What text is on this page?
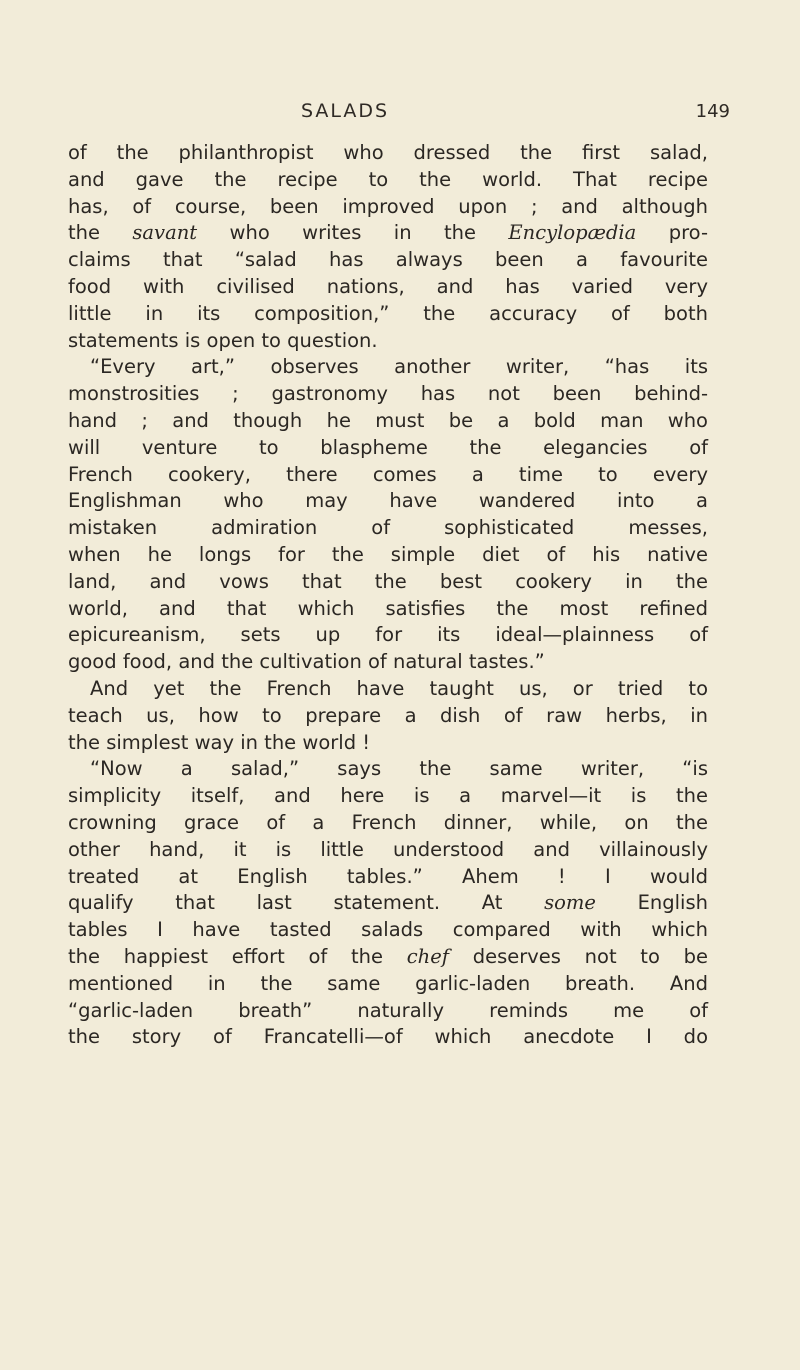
SALADS	149
of the philanthropist who dressed the first salad,
and gave the recipe to the world. That recipe
has, of course, been improved upon ; and although
the savant who writes in the Encylopædia pro-
claims that “salad has always been a favourite
food with civilised nations, and has varied very
little in its composition,” the accuracy of both
statements is open to question.
“Every art,” observes another writer, “has its
monstrosities ; gastronomy has not been behind-
hand ; and though he must be a bold man who
will venture to blaspheme the elegancies of
French cookery, there comes a time to every
Englishman who may have wandered into a
mistaken admiration of sophisticated messes,
when he longs for the simple diet of his native
land, and vows that the best cookery in the
world, and that which satisfies the most refined
epicureanism, sets up for its ideal—plainness of
good food, and the cultivation of natural tastes.”
And yet the French have taught us, or tried to
teach us, how to prepare a dish of raw herbs, in
the simplest way in the world !
“Now a salad,” says the same writer, “is
simplicity itself, and here is a marvel—it is the
crowning grace of a French dinner, while, on the
other hand, it is little understood and villainously
treated at English tables.” Ahem ! I would
qualify that last statement. At some English
tables I have tasted salads compared with which
the happiest effort of the chef deserves not to be
mentioned in the same garlic-laden breath. And
“garlic-laden breath” naturally reminds me of
the story of Francatelli—of which anecdote I do
